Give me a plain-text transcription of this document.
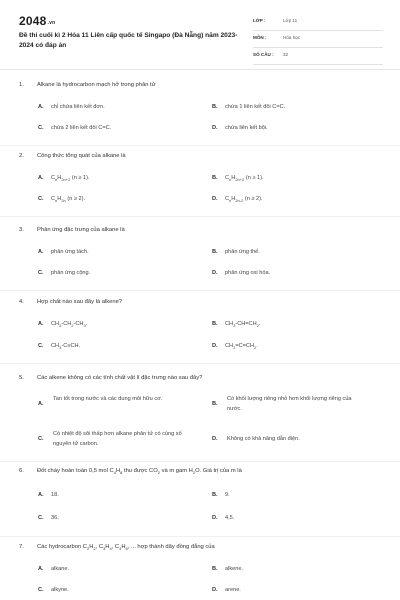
2048.vn
Đề thi cuối kì 2 Hóa 11 Liên cấp quốc tế Singapo (Đà Nẵng) năm 2023-2024 có đáp án
LỚP :	Lớp 11
MÔN :	Hóa học
SỐ CÂU : 32
1. Alkane là hydrocarbon mạch hở trong phân tử
A. chỉ chứa liên kết đơn.	B. chứa 1 liên kết đôi C=C.
C. chứa 2 liên kết đôi C=C.	D. chứa liên kết bội.
2. Công thức tổng quát của alkane là
A. $C_nH_{2n+2}$ (n ≥ 1).	B. $C_nH_{2n+2}$ (n ≥ 1).
C. $C_nH_{2n}$ (n ≥ 2).	D. $C_nH_{2n-2}$ (n ≥ 2).
3. Phản ứng đặc trưng của alkane là
A. phản ứng tách.	B. phản ứng thế.
C. phản ứng cộng.	D. phản ứng oxi hóa.
4. Hợp chất nào sau đây là alkene?
A. $CH_3-CH_2-CH_3$.	B. $CH_3-CH=CH_2$.
C. $CH_3-C\equiv CH$.	D. $CH_2=C=CH_2$.
5. Các alkene không có các tính chất vật lí đặc trưng nào sau đây?
A.
Tan tốt trong nước và các dung môi hữu cơ.
B.
Có khối lượng riêng nhỏ hơn khối lượng riêng của nước.
C.
Có nhiệt độ sôi thấp hơn alkane phân tử có cùng số nguyên tử carbon.
D. Không có khả năng dẫn điện.
6. Đốt cháy hoàn toàn 0,5 mol $C_4H_8$ thu được $CO_2$ và m gam $H_2O$. Giá trị của m là
A. 18.	B. 9.
C. 36.	D. 4,5.
7. Các hydrocarbon $C_2H_2$, $C_3H_4$, $C_4H_6$, ... hợp thành dãy đồng đẳng của
A. alkane.	B. alkene.
C. alkyne.	D. arene.
